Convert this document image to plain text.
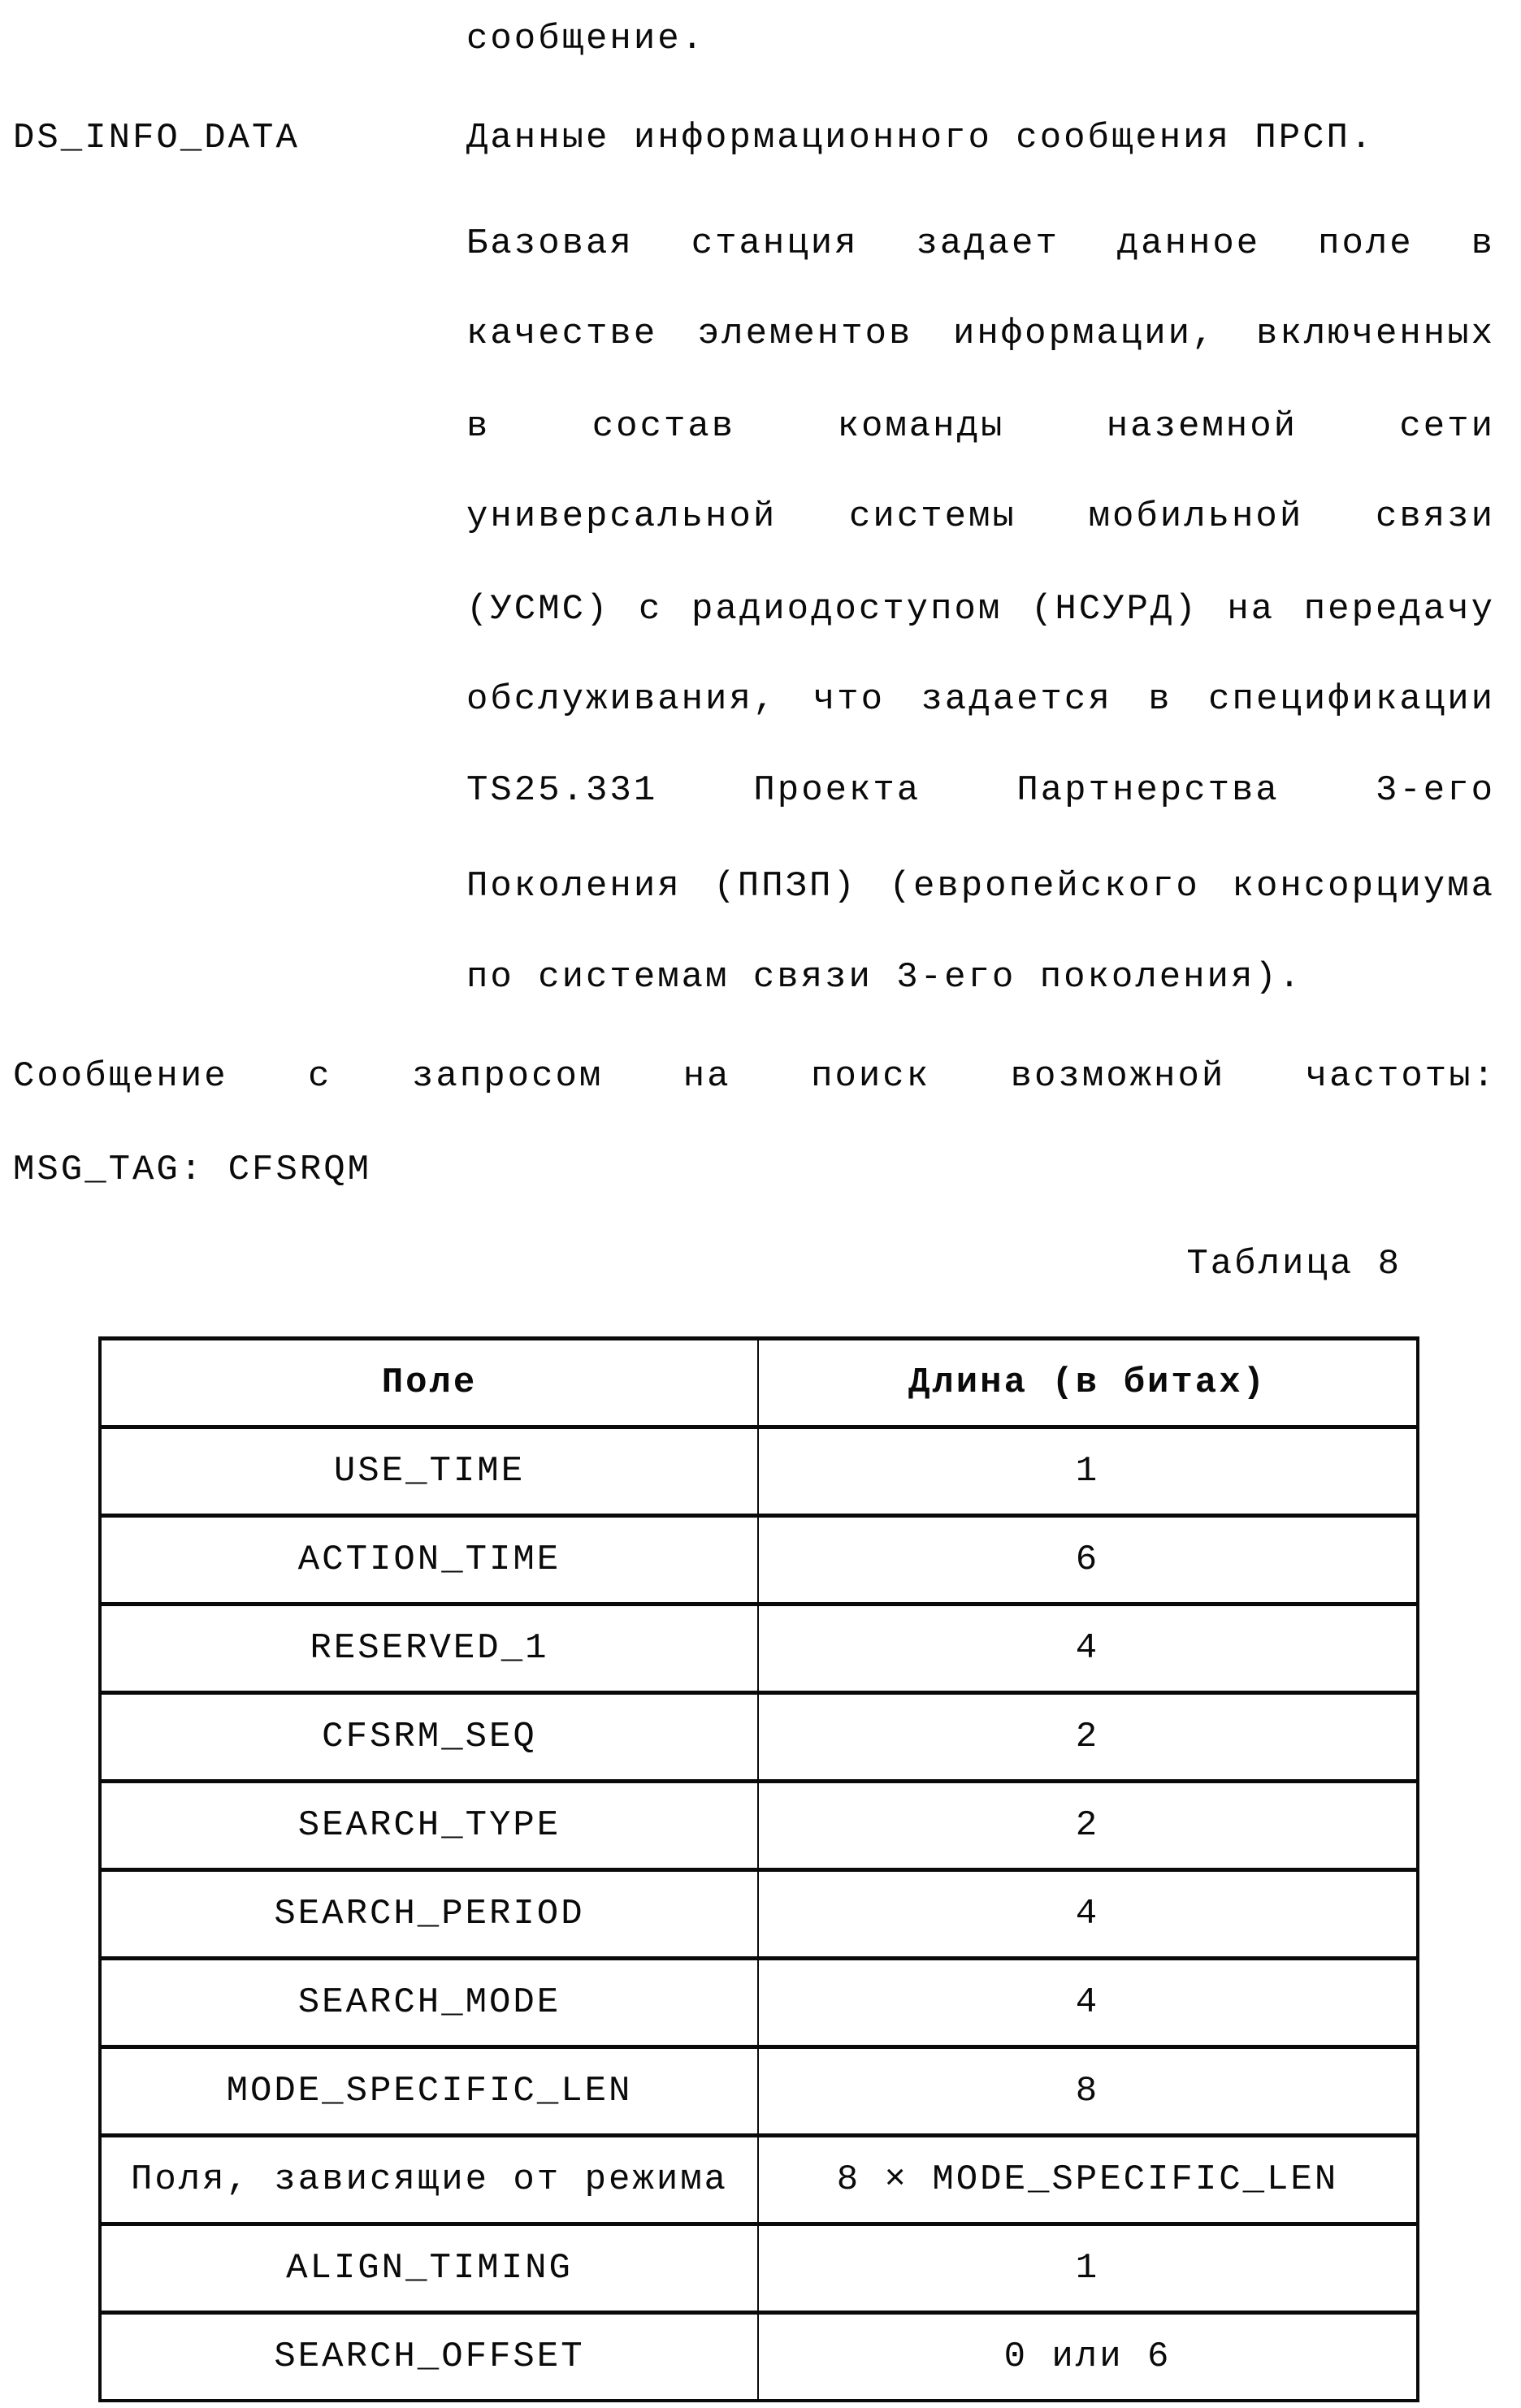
сообщение.
DS_INFO_DATA	Данные информационного сообщения ПРСП.
Базовая станция задает данное поле в
качестве элементов информации, включенных
в состав команды наземной сети
универсальной системы мобильной связи
(УСМС) с радиодоступом (НСУРД) на передачу
обслуживания, что задается в спецификации
TS25.331 Проекта Партнерства 3-его
Поколения (ППЗП) (европейского консорциума
по системам связи 3-его поколения).
Сообщение с запросом на поиск возможной частоты:
MSG_TAG: CFSRQM
Таблица 8
Поле	Длина (в битах)
USE_TIME	1
ACTION_TIME	6
RESERVED_1	4
CFSRM_SEQ	2
SEARCH_TYPE	2
SEARCH_PERIOD	4
SEARCH_MODE	4
MODE_SPECIFIC_LEN	8
Поля, зависящие от режима	8 × MODE_SPECIFIC_LEN
ALIGN_TIMING	1
SEARCH_OFFSET	0 или 6
